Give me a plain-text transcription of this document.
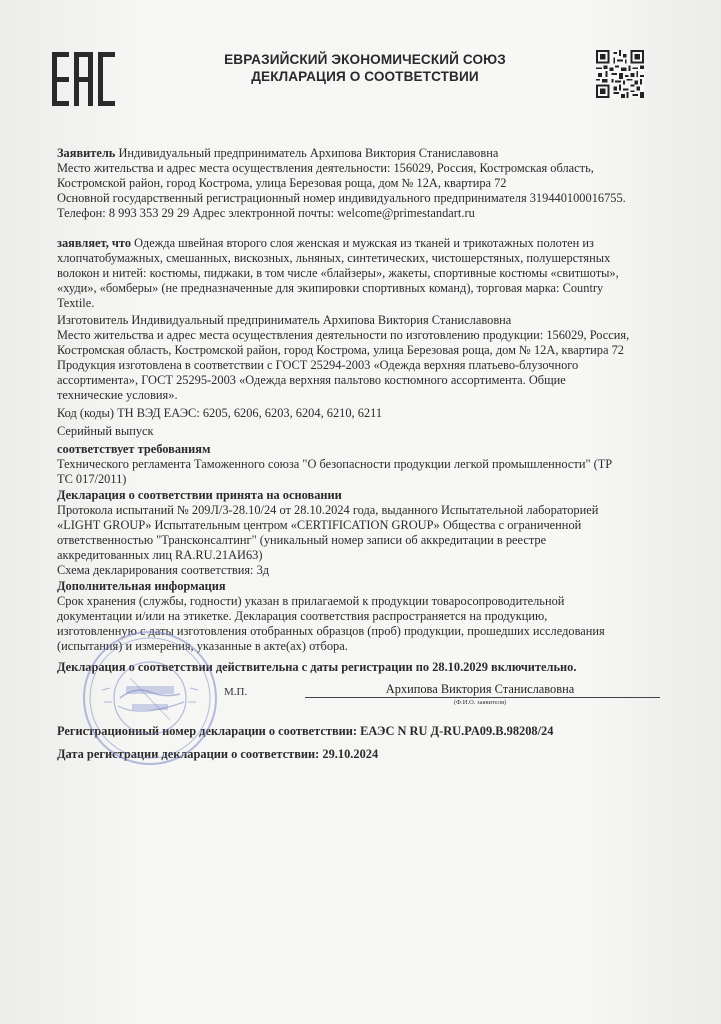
ЕВРАЗИЙСКИЙ ЭКОНОМИЧЕСКИЙ СОЮЗ
ДЕКЛАРАЦИЯ О СООТВЕТСТВИИ
Заявитель Индивидуальный предприниматель Архипова Виктория Станиславовна
Место жительства и адрес места осуществления деятельности: 156029, Россия, Костромская область,
Костромской район, город Кострома, улица Березовая роща, дом № 12А, квартира 72
Основной государственный регистрационный номер индивидуального предпринимателя 319440100016755.
Телефон: 8 993 353 29 29 Адрес электронной почты: welcome@primestandart.ru
заявляет, что Одежда швейная второго слоя женская и мужская из тканей и трикотажных полотен из
хлопчатобумажных, смешанных, вискозных, льняных, синтетических, чистошерстяных, полушерстяных
волокон и нитей: костюмы, пиджаки, в том числе «блайзеры», жакеты, спортивные костюмы «свитшоты»,
«худи», «бомберы» (не предназначенные для экипировки спортивных команд), торговая марка: Country
Textile.
Изготовитель Индивидуальный предприниматель Архипова Виктория Станиславовна
Место жительства и адрес места осуществления деятельности по изготовлению продукции: 156029, Россия,
Костромская область, Костромской район, город Кострома, улица Березовая роща, дом № 12А, квартира 72
Продукция изготовлена в соответствии с ГОСТ 25294-2003 «Одежда верхняя платьево-блузочного
ассортимента», ГОСТ 25295-2003 «Одежда верхняя пальтово костюмного ассортимента. Общие
технические условия».
Код (коды) ТН ВЭД ЕАЭС: 6205, 6206, 6203, 6204, 6210, 6211
Серийный выпуск
соответствует требованиям
Технического регламента Таможенного союза "О безопасности продукции легкой промышленности" (ТР
ТС 017/2011)
Декларация о соответствии принята на основании
Протокола испытаний № 209Л/3-28.10/24 от 28.10.2024 года, выданного Испытательной лабораторией
«LIGHT GROUP» Испытательным центром «CERTIFICATION GROUP» Общества с ограниченной
ответственностью "Трансконсалтинг" (уникальный номер записи об аккредитации в реестре
аккредитованных лиц RA.RU.21АИ63)
Схема декларирования соответствия: 3д
Дополнительная информация
Срок хранения (службы, годности) указан в прилагаемой к продукции товаросопроводительной
документации и/или на этикетке. Декларация соответствия распространяется на продукцию,
изготовленную с даты изготовления отобранных образцов (проб) продукции, прошедших исследования
(испытания) и измерения, указанные в акте(ах) отбора.
Декларация о соответствии действительна с даты регистрации по 28.10.2029 включительно.
М.П.	Архипова Виктория Станиславовна
(Ф.И.О. заявителя)
Регистрационный номер декларации о соответствии: ЕАЭС N RU Д-RU.PA09.B.98208/24
Дата регистрации декларации о соответствии: 29.10.2024
